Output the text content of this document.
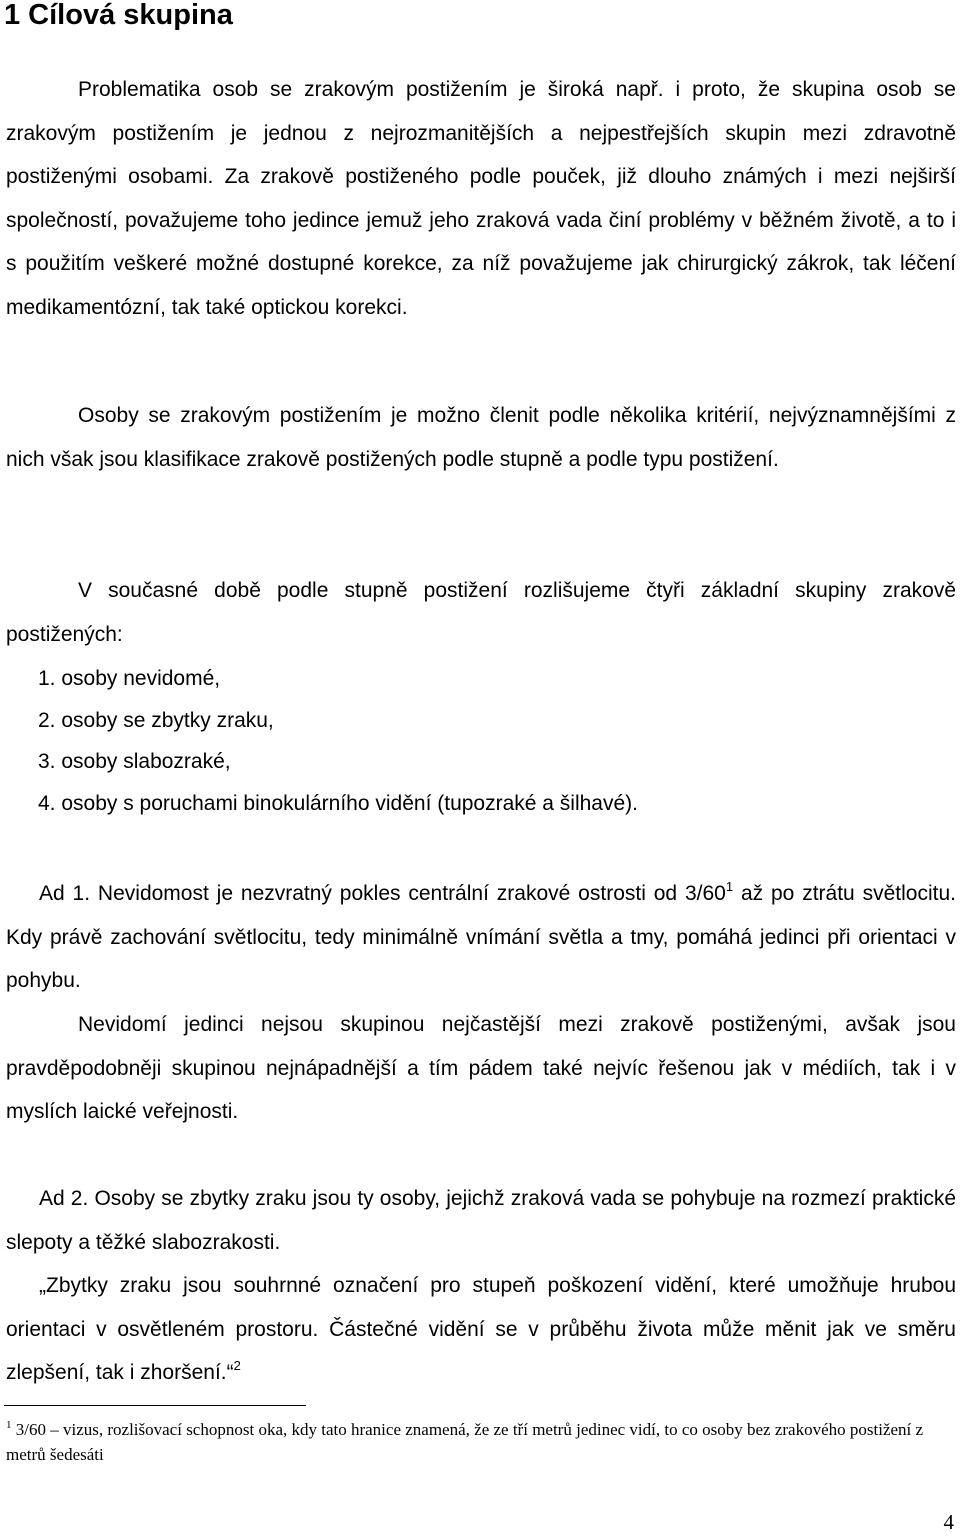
1 Cílová skupina

Problematika osob se zrakovým postižením je široká např. i proto, že skupina osob se zrakovým postižením je jednou z nejrozmanitějších a nejpestřejších skupin mezi zdravotně postiženými osobami. Za zrakově postiženého podle pouček, již dlouho známých i mezi nejširší společností, považujeme toho jedince jemuž jeho zraková vada činí problémy v běžném životě, a to i s použitím veškeré možné dostupné korekce, za níž považujeme jak chirurgický zákrok, tak léčení medikamentózní, tak také optickou korekci.

Osoby se zrakovým postižením je možno členit podle několika kritérií, nejvýznamnějšími z nich však jsou klasifikace zrakově postižených podle stupně a podle typu postižení.

V současné době podle stupně postižení rozlišujeme čtyři základní skupiny zrakově postižených:

1. osoby nevidomé,
2. osoby se zbytky zraku,
3. osoby slabozraké,
4. osoby s poruchami binokulárního vidění (tupozraké a šilhavé).

Ad 1. Nevidomost je nezvratný pokles centrální zrakové ostrosti od $3/60^1$ až po ztrátu světlocitu. Kdy právě zachování světlocitu, tedy minimálně vnímání světla a tmy, pomáhá jedinci při orientaci v pohybu.

Nevidomí jedinci nejsou skupinou nejčastější mezi zrakově postiženými, avšak jsou pravděpodobněji skupinou nejnápadnější a tím pádem také nejvíc řešenou jak v médiích, tak i v myslích laické veřejnosti.

Ad 2. Osoby se zbytky zraku jsou ty osoby, jejichž zraková vada se pohybuje na rozmezí praktické slepoty a těžké slabozrakosti.

„Zbytky zraku jsou souhrnné označení pro stupeň poškození vidění, které umožňuje hrubou orientaci v osvětleném prostoru. Částečné vidění se v průběhu života může měnit jak ve směru zlepšení, tak i zhoršení.“$^2$

$^1$ 3/60 – vizus, rozlišovací schopnost oka, kdy tato hranice znamená, že ze tří metrů jedinec vidí, to co osoby bez zrakového postižení z metrů šedesáti

4
